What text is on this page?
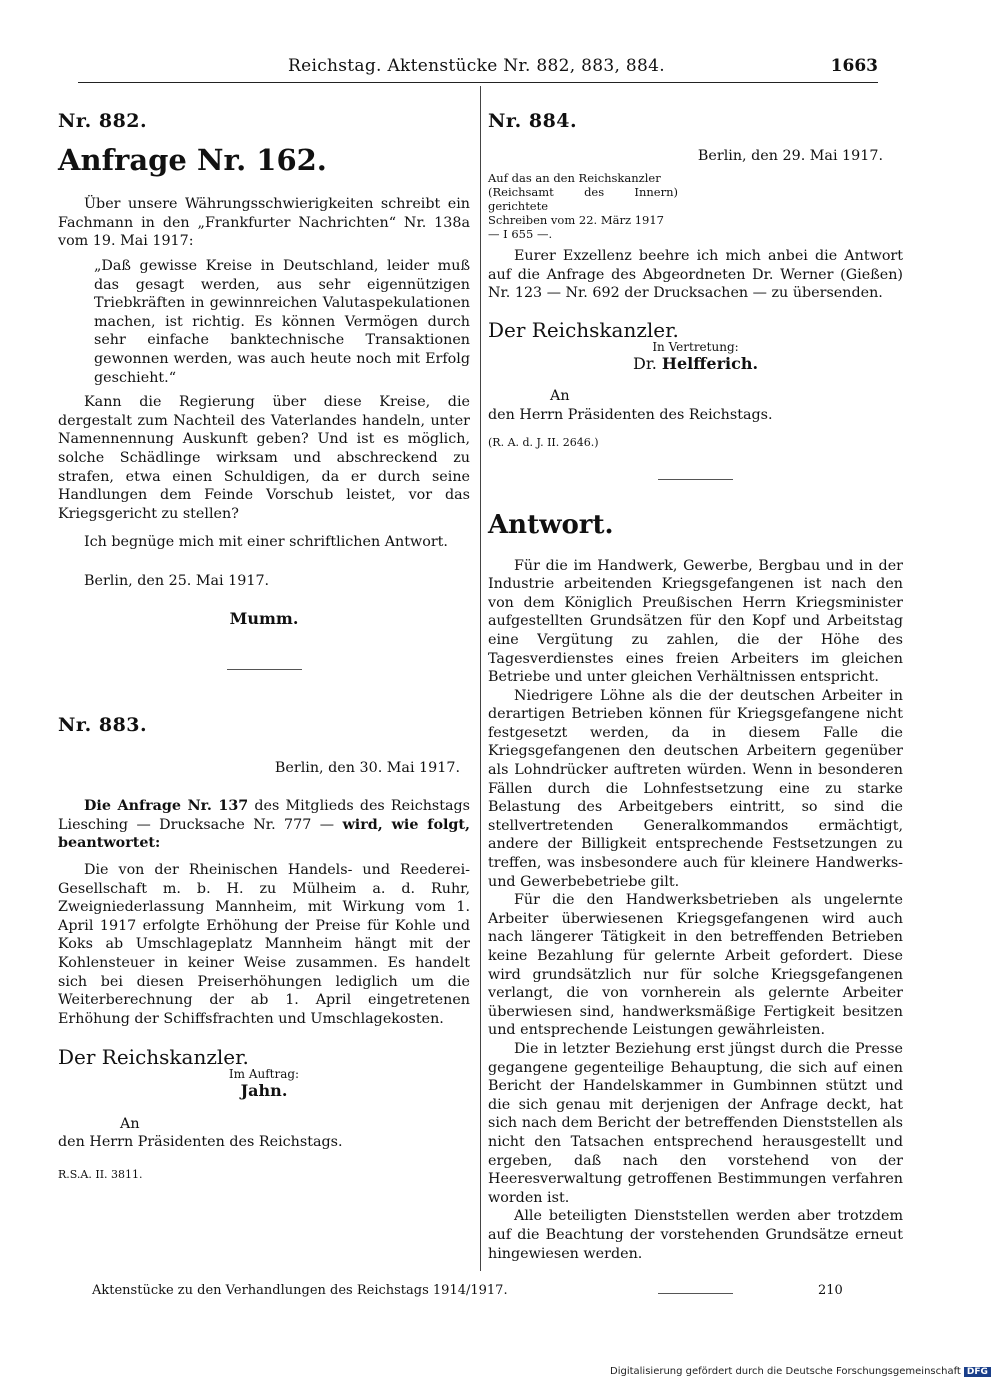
Reichstag. Aktenstücke Nr. 882, 883, 884.	1663

Nr. 882.

Anfrage Nr. 162.

Über unsere Währungsschwierigkeiten schreibt ein Fachmann in den „Frankfurter Nachrichten“ Nr. 138a vom 19. Mai 1917:

„Daß gewisse Kreise in Deutschland, leider muß das gesagt werden, aus sehr eigennützigen Triebkräften in gewinnreichen Valutaspekulationen machen, ist richtig. Es können Vermögen durch sehr einfache banktechnische Transaktionen gewonnen werden, was auch heute noch mit Erfolg geschieht.“

Kann die Regierung über diese Kreise, die dergestalt zum Nachteil des Vaterlandes handeln, unter Namennennung Auskunft geben? Und ist es möglich, solche Schädlinge wirksam und abschreckend zu strafen, etwa einen Schuldigen, da er durch seine Handlungen dem Feinde Vorschub leistet, vor das Kriegsgericht zu stellen?

Ich begnüge mich mit einer schriftlichen Antwort.

Berlin, den 25. Mai 1917.

Mumm.

Nr. 883.

Berlin, den 30. Mai 1917.

Die Anfrage Nr. 137 des Mitglieds des Reichstags Liesching — Drucksache Nr. 777 — wird, wie folgt, beantwortet:

Die von der Rheinischen Handels- und Reederei-Gesellschaft m. b. H. zu Mülheim a. d. Ruhr, Zweigniederlassung Mannheim, mit Wirkung vom 1. April 1917 erfolgte Erhöhung der Preise für Kohle und Koks ab Umschlageplatz Mannheim hängt mit der Kohlensteuer in keiner Weise zusammen. Es handelt sich bei diesen Preiserhöhungen lediglich um die Weiterberechnung der ab 1. April eingetretenen Erhöhung der Schiffsfrachten und Umschlagekosten.

Der Reichskanzler.

Im Auftrag:

Jahn.

An

den Herrn Präsidenten des Reichstags.

R.S.A. II. 3811.

Nr. 884.

Berlin, den 29. Mai 1917.

Auf das an den Reichskanzler

(Reichsamt des Innern) gerichtete

Schreiben vom 22. März 1917

— I 655 —.

Eurer Exzellenz beehre ich mich anbei die Antwort auf die Anfrage des Abgeordneten Dr. Werner (Gießen) Nr. 123 — Nr. 692 der Drucksachen — zu übersenden.

Der Reichskanzler.

In Vertretung:

Dr. Helfferich.

An

den Herrn Präsidenten des Reichstags.

(R. A. d. J. II. 2646.)

Antwort.

Für die im Handwerk, Gewerbe, Bergbau und in der Industrie arbeitenden Kriegsgefangenen ist nach den von dem Königlich Preußischen Herrn Kriegsminister aufgestellten Grundsätzen für den Kopf und Arbeitstag eine Vergütung zu zahlen, die der Höhe des Tagesverdienstes eines freien Arbeiters im gleichen Betriebe und unter gleichen Verhältnissen entspricht.

Niedrigere Löhne als die der deutschen Arbeiter in derartigen Betrieben können für Kriegsgefangene nicht festgesetzt werden, da in diesem Falle die Kriegsgefangenen den deutschen Arbeitern gegenüber als Lohndrücker auftreten würden. Wenn in besonderen Fällen durch die Lohnfestsetzung eine zu starke Belastung des Arbeitgebers eintritt, so sind die stellvertretenden Generalkommandos ermächtigt, andere der Billigkeit entsprechende Festsetzungen zu treffen, was insbesondere auch für kleinere Handwerks- und Gewerbebetriebe gilt.

Für die den Handwerksbetrieben als ungelernte Arbeiter überwiesenen Kriegsgefangenen wird auch nach längerer Tätigkeit in den betreffenden Betrieben keine Bezahlung für gelernte Arbeit gefordert. Diese wird grundsätzlich nur für solche Kriegsgefangenen verlangt, die von vornherein als gelernte Arbeiter überwiesen sind, handwerksmäßige Fertigkeit besitzen und entsprechende Leistungen gewährleisten.

Die in letzter Beziehung erst jüngst durch die Presse gegangene gegenteilige Behauptung, die sich auf einen Bericht der Handelskammer in Gumbinnen stützt und die sich genau mit derjenigen der Anfrage deckt, hat sich nach dem Bericht der betreffenden Dienststellen als nicht den Tatsachen entsprechend herausgestellt und ergeben, daß nach den vorstehend von der Heeresverwaltung getroffenen Bestimmungen verfahren worden ist.

Alle beteiligten Dienststellen werden aber trotzdem auf die Beachtung der vorstehenden Grundsätze erneut hingewiesen werden.

Aktenstücke zu den Verhandlungen des Reichstags 1914/1917.	210
Digitalisierung gefördert durch die Deutsche Forschungsgemeinschaft DFG
